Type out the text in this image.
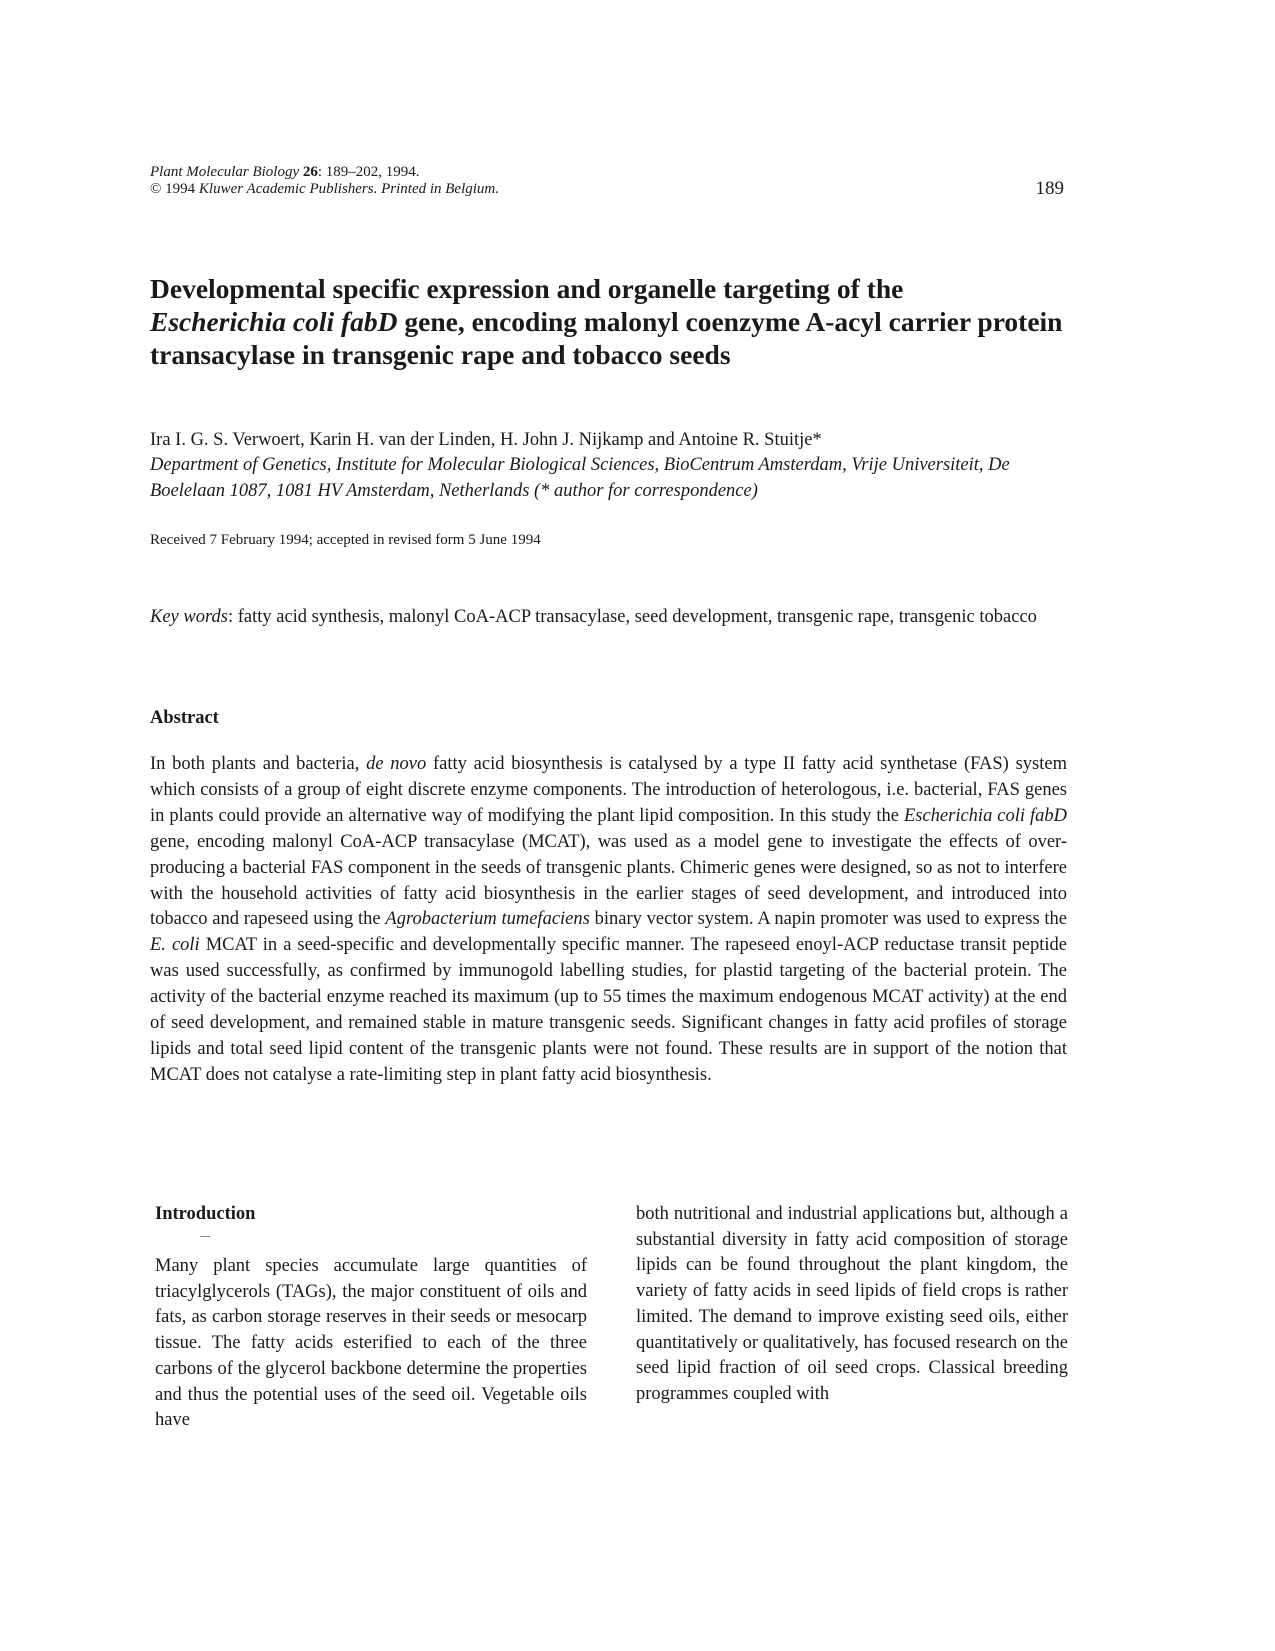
Plant Molecular Biology 26: 189–202, 1994.
© 1994 Kluwer Academic Publishers. Printed in Belgium.	189
Developmental specific expression and organelle targeting of the
Escherichia coli fabD gene, encoding malonyl coenzyme A-acyl carrier protein transacylase in transgenic rape and tobacco seeds
Ira I. G. S. Verwoert, Karin H. van der Linden, H. John J. Nijkamp and Antoine R. Stuitje*
Department of Genetics, Institute for Molecular Biological Sciences, BioCentrum Amsterdam, Vrije Universiteit, De Boelelaan 1087, 1081 HV Amsterdam, Netherlands (* author for correspondence)
Received 7 February 1994; accepted in revised form 5 June 1994
Key words: fatty acid synthesis, malonyl CoA-ACP transacylase, seed development, transgenic rape, transgenic tobacco
Abstract
In both plants and bacteria, de novo fatty acid biosynthesis is catalysed by a type II fatty acid synthetase (FAS) system which consists of a group of eight discrete enzyme components. The introduction of heterologous, i.e. bacterial, FAS genes in plants could provide an alternative way of modifying the plant lipid composition. In this study the Escherichia coli fabD gene, encoding malonyl CoA-ACP transacylase (MCAT), was used as a model gene to investigate the effects of over-producing a bacterial FAS component in the seeds of transgenic plants. Chimeric genes were designed, so as not to interfere with the household activities of fatty acid biosynthesis in the earlier stages of seed development, and introduced into tobacco and rapeseed using the Agrobacterium tumefaciens binary vector system. A napin promoter was used to express the E. coli MCAT in a seed-specific and developmentally specific manner. The rapeseed enoyl-ACP reductase transit peptide was used successfully, as confirmed by immunogold labelling studies, for plastid targeting of the bacterial protein. The activity of the bacterial enzyme reached its maximum (up to 55 times the maximum endogenous MCAT activity) at the end of seed development, and remained stable in mature transgenic seeds. Significant changes in fatty acid profiles of storage lipids and total seed lipid content of the transgenic plants were not found. These results are in support of the notion that MCAT does not catalyse a rate-limiting step in plant fatty acid biosynthesis.
Introduction
Many plant species accumulate large quantities of triacylglycerols (TAGs), the major constituent of oils and fats, as carbon storage reserves in their seeds or mesocarp tissue. The fatty acids esterified to each of the three carbons of the glycerol backbone determine the properties and thus the potential uses of the seed oil. Vegetable oils have
both nutritional and industrial applications but, although a substantial diversity in fatty acid composition of storage lipids can be found throughout the plant kingdom, the variety of fatty acids in seed lipids of field crops is rather limited. The demand to improve existing seed oils, either quantitatively or qualitatively, has focused research on the seed lipid fraction of oil seed crops. Classical breeding programmes coupled with
